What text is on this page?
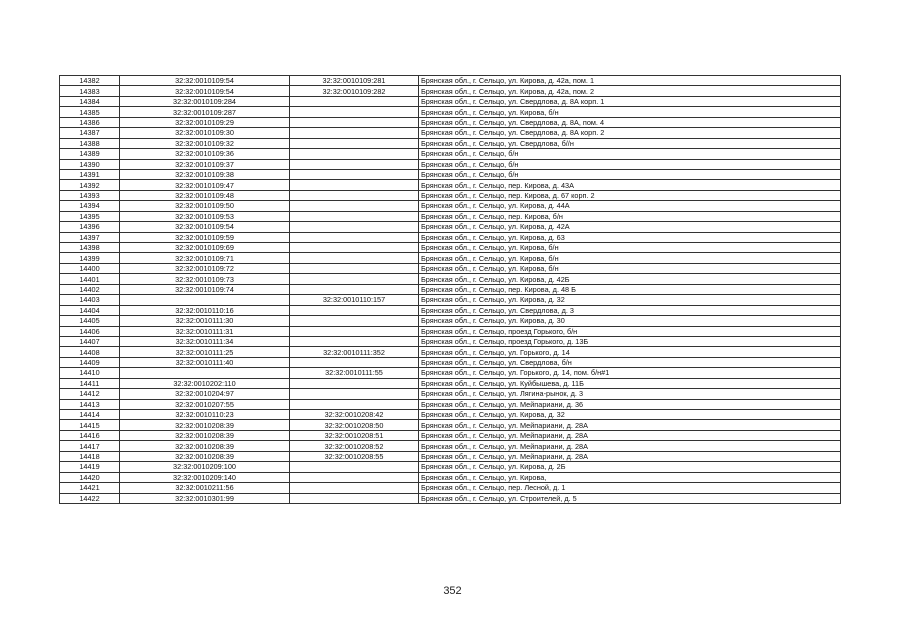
14382	32:32:0010109:54	32:32:0010109:281	Брянская обл., г. Сельцо, ул. Кирова, д. 42а, пом. 1
14383	32:32:0010109:54	32:32:0010109:282	Брянская обл., г. Сельцо, ул. Кирова, д. 42а, пом. 2
14384	32:32:0010109:284		Брянская обл., г. Сельцо, ул. Свердлова, д. 8А корп. 1
14385	32:32:0010109:287		Брянская обл., г. Сельцо, ул. Кирова, б/н
14386	32:32:0010109:29		Брянская обл., г. Сельцо, ул. Свердлова, д. 8А, пом. 4
14387	32:32:0010109:30		Брянская обл., г. Сельцо, ул. Свердлова, д. 8А корп. 2
14388	32:32:0010109:32		Брянская обл., г. Сельцо, ул. Свердлова, б//н
14389	32:32:0010109:36		Брянская обл., г. Сельцо, б/н
14390	32:32:0010109:37		Брянская обл., г. Сельцо, б/н
14391	32:32:0010109:38		Брянская обл., г. Сельцо, б/н
14392	32:32:0010109:47		Брянская обл., г. Сельцо, пер. Кирова, д. 43А
14393	32:32:0010109:48		Брянская обл., г. Сельцо, пер. Кирова, д. 67 корп. 2
14394	32:32:0010109:50		Брянская обл., г. Сельцо, ул. Кирова, д. 44А
14395	32:32:0010109:53		Брянская обл., г. Сельцо, пер. Кирова, б/н
14396	32:32:0010109:54		Брянская обл., г. Сельцо, ул. Кирова, д. 42А
14397	32:32:0010109:59		Брянская обл., г. Сельцо, ул. Кирова, д. 63
14398	32:32:0010109:69		Брянская обл., г. Сельцо, ул. Кирова, б/н
14399	32:32:0010109:71		Брянская обл., г. Сельцо, ул. Кирова, б/н
14400	32:32:0010109:72		Брянская обл., г. Сельцо, ул. Кирова, б/н
14401	32:32:0010109:73		Брянская обл., г. Сельцо, ул. Кирова, д. 42Б
14402	32:32:0010109:74		Брянская обл., г. Сельцо, пер. Кирова, д. 48 Б
14403		32:32:0010110:157	Брянская обл., г. Сельцо, ул. Кирова, д. 32
14404	32:32:0010110:16		Брянская обл., г. Сельцо, ул. Свердлова, д. 3
14405	32:32:0010111:30		Брянская обл., г. Сельцо, ул. Кирова, д. 30
14406	32:32:0010111:31		Брянская обл., г. Сельцо, проезд Горького, б/н
14407	32:32:0010111:34		Брянская обл., г. Сельцо, проезд Горького, д. 13Б
14408	32:32:0010111:25	32:32:0010111:352	Брянская обл., г. Сельцо, ул. Горького, д. 14
14409	32:32:0010111:40		Брянская обл., г. Сельцо, ул. Свердлова, б/н
14410		32:32:0010111:55	Брянская обл., г. Сельцо, ул. Горького, д. 14, пом. б/н#1
14411	32:32:0010202:110		Брянская обл., г. Сельцо, ул. Куйбышева, д. 11Б
14412	32:32:0010204:97		Брянская обл., г. Сельцо, ул. Лягина-рынок, д. 3
14413	32:32:0010207:55		Брянская обл., г. Сельцо, ул. Мейпариани, д. 36
14414	32:32:0010110:23	32:32:0010208:42	Брянская обл., г. Сельцо, ул. Кирова, д. 32
14415	32:32:0010208:39	32:32:0010208:50	Брянская обл., г. Сельцо, ул. Мейпариани, д. 28А
14416	32:32:0010208:39	32:32:0010208:51	Брянская обл., г. Сельцо, ул. Мейпариани, д. 28А
14417	32:32:0010208:39	32:32:0010208:52	Брянская обл., г. Сельцо, ул. Мейпариани, д. 28А
14418	32:32:0010208:39	32:32:0010208:55	Брянская обл., г. Сельцо, ул. Мейпариани, д. 28А
14419	32:32:0010209:100		Брянская обл., г. Сельцо, ул. Кирова, д. 2Б
14420	32:32:0010209:140		Брянская обл., г. Сельцо, ул. Кирова,
14421	32:32:0010211:56		Брянская обл., г. Сельцо, пер. Лесной, д. 1
14422	32:32:0010301:99		Брянская обл., г. Сельцо, ул. Строителей, д. 5
352
